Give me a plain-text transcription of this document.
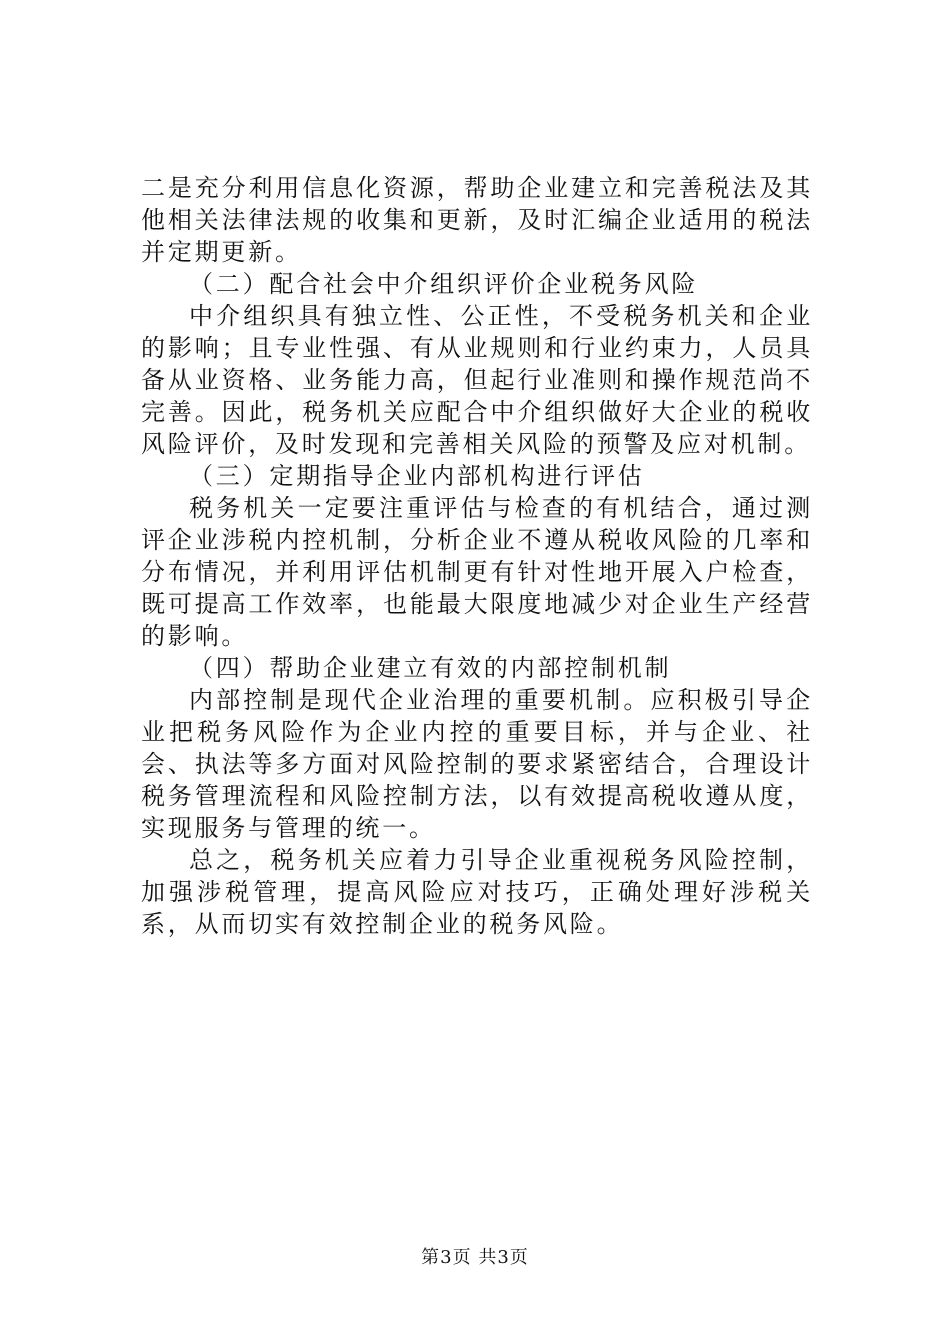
二是充分利用信息化资源，帮助企业建立和完善税法及其他相关法律法规的收集和更新，及时汇编企业适用的税法并定期更新。

（二）配合社会中介组织评价企业税务风险

中介组织具有独立性、公正性，不受税务机关和企业的影响；且专业性强、有从业规则和行业约束力，人员具备从业资格、业务能力高，但起行业准则和操作规范尚不完善。因此，税务机关应配合中介组织做好大企业的税收风险评价，及时发现和完善相关风险的预警及应对机制。

（三）定期指导企业内部机构进行评估

税务机关一定要注重评估与检查的有机结合，通过测评企业涉税内控机制，分析企业不遵从税收风险的几率和分布情况，并利用评估机制更有针对性地开展入户检查，既可提高工作效率，也能最大限度地减少对企业生产经营的影响。

（四）帮助企业建立有效的内部控制机制

内部控制是现代企业治理的重要机制。应积极引导企业把税务风险作为企业内控的重要目标，并与企业、社会、执法等多方面对风险控制的要求紧密结合，合理设计税务管理流程和风险控制方法，以有效提高税收遵从度，实现服务与管理的统一。

总之，税务机关应着力引导企业重视税务风险控制，加强涉税管理，提高风险应对技巧，正确处理好涉税关系，从而切实有效控制企业的税务风险。

第3页 共3页
